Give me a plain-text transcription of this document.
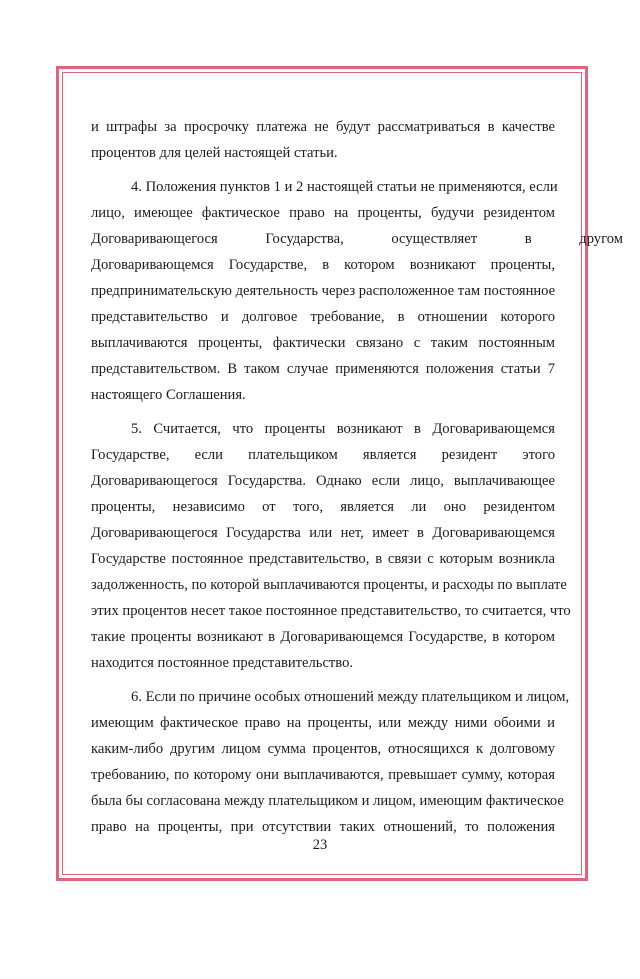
и штрафы за просрочку платежа не будут рассматриваться в качестве
процентов для целей настоящей статьи.
4. Положения пунктов 1 и 2 настоящей статьи не применяются, если
лицо, имеющее фактическое право на проценты, будучи резидентом
Договаривающегося Государства, осуществляет в другом
Договаривающемся Государстве, в котором возникают проценты,
предпринимательскую деятельность через расположенное там постоянное
представительство и долговое требование, в отношении которого
выплачиваются проценты, фактически связано с таким постоянным
представительством. В таком случае применяются положения статьи 7
настоящего Соглашения.
5. Считается, что проценты возникают в Договаривающемся
Государстве, если плательщиком является резидент этого
Договаривающегося Государства. Однако если лицо, выплачивающее
проценты, независимо от того, является ли оно резидентом
Договаривающегося Государства или нет, имеет в Договаривающемся
Государстве постоянное представительство, в связи с которым возникла
задолженность, по которой выплачиваются проценты, и расходы по выплате
этих процентов несет такое постоянное представительство, то считается, что
такие проценты возникают в Договаривающемся Государстве, в котором
находится постоянное представительство.
6. Если по причине особых отношений между плательщиком и лицом,
имеющим фактическое право на проценты, или между ними обоими и
каким-либо другим лицом сумма процентов, относящихся к долговому
требованию, по которому они выплачиваются, превышает сумму, которая
была бы согласована между плательщиком и лицом, имеющим фактическое
право на проценты, при отсутствии таких отношений, то положения
23
